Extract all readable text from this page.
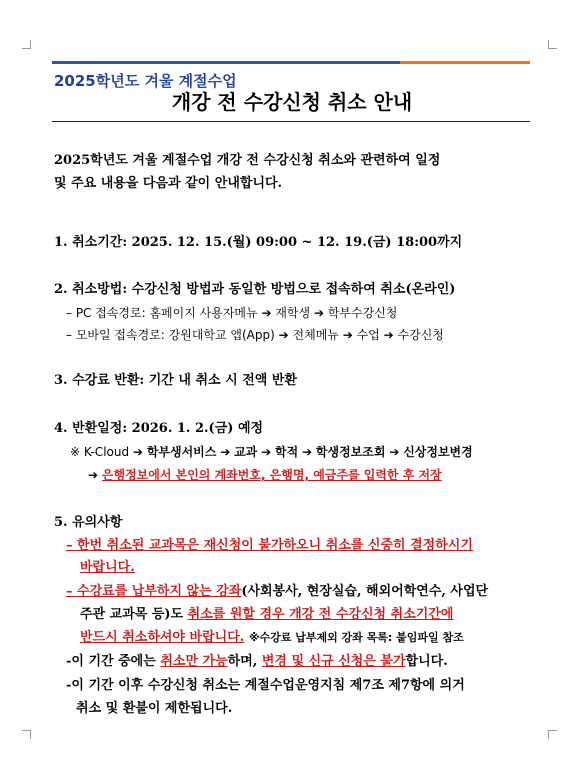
2025학년도 겨울 계절수업
개강 전 수강신청 취소 안내
2025학년도 겨울 계절수업 개강 전 수강신청 취소와 관련하여 일정
및 주요 내용을 다음과 같이 안내합니다.
1. 취소기간: 2025. 12. 15.(월) 09:00 ~ 12. 19.(금) 18:00까지
2. 취소방법: 수강신청 방법과 동일한 방법으로 접속하여 취소(온라인)
– PC 접속경로: 홈페이지 사용자메뉴 ➔ 재학생 ➔ 학부수강신청
– 모바일 접속경로: 강원대학교 앱(App) ➔ 전체메뉴 ➔ 수업 ➔ 수강신청
3. 수강료 반환: 기간 내 취소 시 전액 반환
4. 반환일정: 2026. 1. 2.(금) 예정
※ K-Cloud ➔ 학부생서비스 ➔ 교과 ➔ 학적 ➔ 학생정보조회 ➔ 신상정보변경
➔ 은행정보에서 본인의 계좌번호, 은행명, 예금주를 입력한 후 저장
5. 유의사항
– 한번 취소된 교과목은 재신청이 불가하오니 취소를 신중히 결정하시기
바랍니다.
– 수강료를 납부하지 않는 강좌(사회봉사, 현장실습, 해외어학연수, 사업단
주관 교과목 등)도 취소를 원할 경우 개강 전 수강신청 취소기간에
반드시 취소하셔야 바랍니다. ※수강료 납부제외 강좌 목록: 붙임파일 참조
-이 기간 중에는 취소만 가능하며, 변경 및 신규 신청은 불가합니다.
-이 기간 이후 수강신청 취소는 계절수업운영지침 제7조 제7항에 의거
취소 및 환불이 제한됩니다.
